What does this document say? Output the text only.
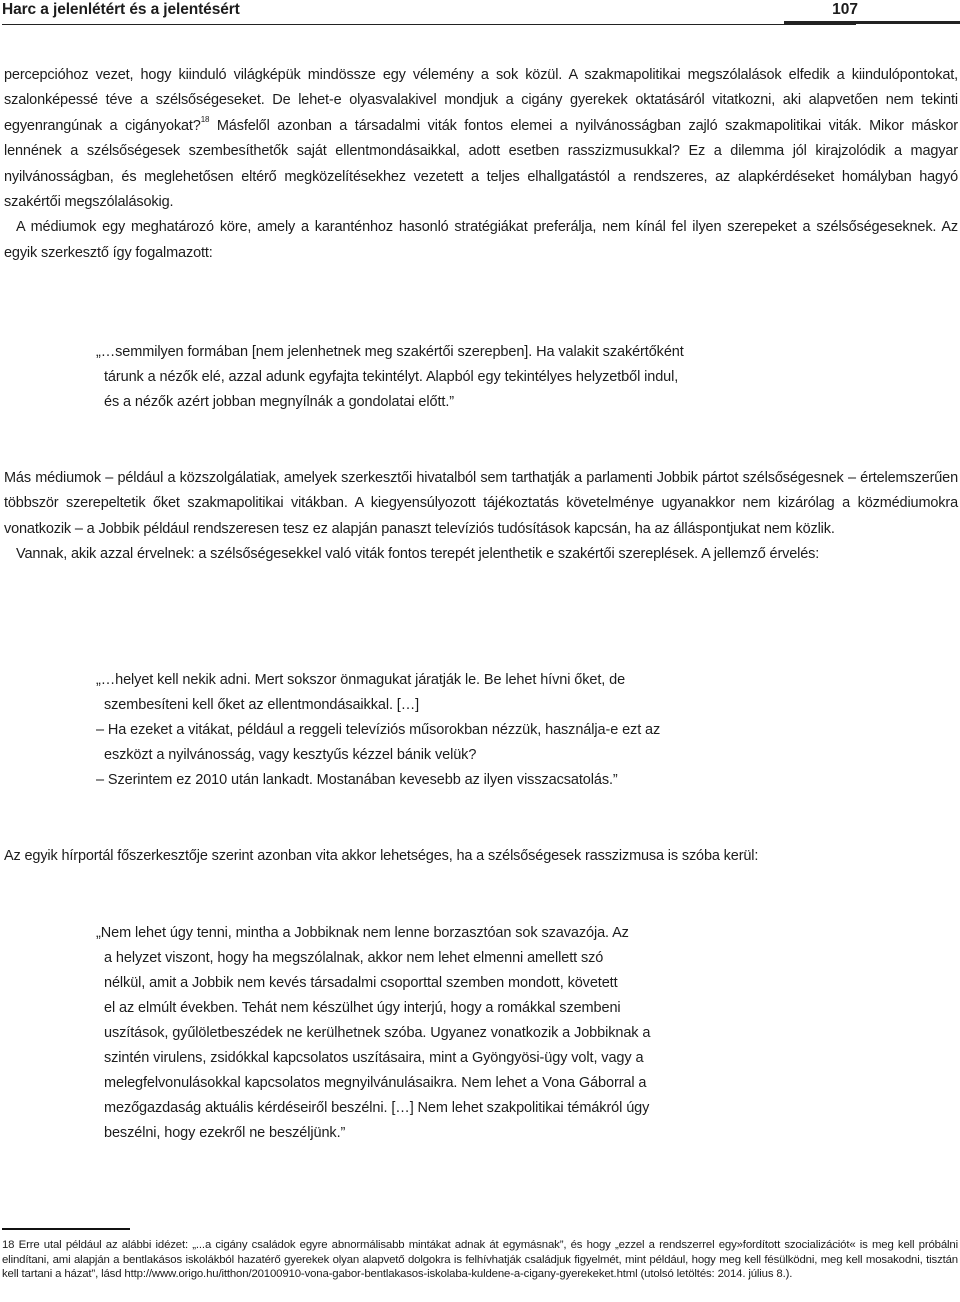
Harc a jelenlétért és a jelentésért	107

percepcióhoz vezet, hogy kiinduló világképük mindössze egy vélemény a sok közül. A szakmapolitikai megszólalások elfedik a kiindulópontokat, szalonképessé téve a szélsőségeseket. De lehet-e olyasvalakivel mondjuk a cigány gyerekek oktatásáról vitatkozni, aki alapvetően nem tekinti egyenrangúnak a cigányokat?$^{18}$ Másfelől azonban a társadalmi viták fontos elemei a nyilvánosságban zajló szakmapolitikai viták. Mikor máskor lennének a szélsőségesek szembesíthetők saját ellentmondásaikkal, adott esetben rasszizmusukkal? Ez a dilemma jól kirajzolódik a magyar nyilvánosságban, és meglehetősen eltérő megközelítésekhez vezetett a teljes elhallgatástól a rendszeres, az alapkérdéseket homályban hagyó szakértői megszólalásokig.

A médiumok egy meghatározó köre, amely a karanténhoz hasonló stratégiákat preferálja, nem kínál fel ilyen szerepeket a szélsőségeseknek. Az egyik szerkesztő így fogalmazott:

„…semmilyen formában [nem jelenhetnek meg szakértői szerepben]. Ha valakit szakértőként
tárunk a nézők elé, azzal adunk egyfajta tekintélyt. Alapból egy tekintélyes helyzetből indul,
és a nézők azért jobban megnyílnák a gondolatai előtt.”

Más médiumok – például a közszolgálatiak, amelyek szerkesztői hivatalból sem tarthatják a parlamenti Jobbik pártot szélsőségesnek – értelemszerűen többször szerepeltetik őket szakmapolitikai vitákban. A kiegyensúlyozott tájékoztatás követelménye ugyanakkor nem kizárólag a közmédiumokra vonatkozik – a Jobbik például rendszeresen tesz ez alapján panaszt televíziós tudósítások kapcsán, ha az álláspontjukat nem közlik.

Vannak, akik azzal érvelnek: a szélsőségesekkel való viták fontos terepét jelenthetik e szakértői szereplések. A jellemző érvelés:

„…helyet kell nekik adni. Mert sokszor önmagukat járatják le. Be lehet hívni őket, de
szembesíteni kell őket az ellentmondásaikkal. […]
– Ha ezeket a vitákat, például a reggeli televíziós műsorokban nézzük, használja-e ezt az
eszközt a nyilvánosság, vagy kesztyűs kézzel bánik velük?
– Szerintem ez 2010 után lankadt. Mostanában kevesebb az ilyen visszacsatolás.”

Az egyik hírportál főszerkesztője szerint azonban vita akkor lehetséges, ha a szélsőségesek rasszizmusa is szóba kerül:

„Nem lehet úgy tenni, mintha a Jobbiknak nem lenne borzasztóan sok szavazója. Az
a helyzet viszont, hogy ha megszólalnak, akkor nem lehet elmenni amellett szó
nélkül, amit a Jobbik nem kevés társadalmi csoporttal szemben mondott, követett
el az elmúlt években. Tehát nem készülhet úgy interjú, hogy a romákkal szembeni
uszítások, gyűlöletbeszédek ne kerülhetnek szóba. Ugyanez vonatkozik a Jobbiknak a
szintén virulens, zsidókkal kapcsolatos uszításaira, mint a Gyöngyösi-ügy volt, vagy a
melegfelvonulásokkal kapcsolatos megnyilvánulásaikra. Nem lehet a Vona Gáborral a
mezőgazdaság aktuális kérdéseiről beszélni. […] Nem lehet szakpolitikai témákról úgy
beszélni, hogy ezekről ne beszéljünk.”

18 Erre utal például az alábbi idézet: „...a cigány családok egyre abnormálisabb mintákat adnak át egymásnak”, és hogy „ezzel a rendszerrel egy»fordított szocializációt« is meg kell próbálni elindítani, ami alapján a bentlakásos iskolákból hazatérő gyerekek olyan alapvető dolgokra is felhívhatják családjuk figyelmét, mint például, hogy meg kell fésülködni, meg kell mosakodni, tisztán kell tartani a házat”, lásd http://www.origo.hu/itthon/20100910-vona-gabor-bentlakasos-iskolaba-kuldene-a-cigany-gyerekeket.html (utolsó letöltés: 2014. július 8.).
